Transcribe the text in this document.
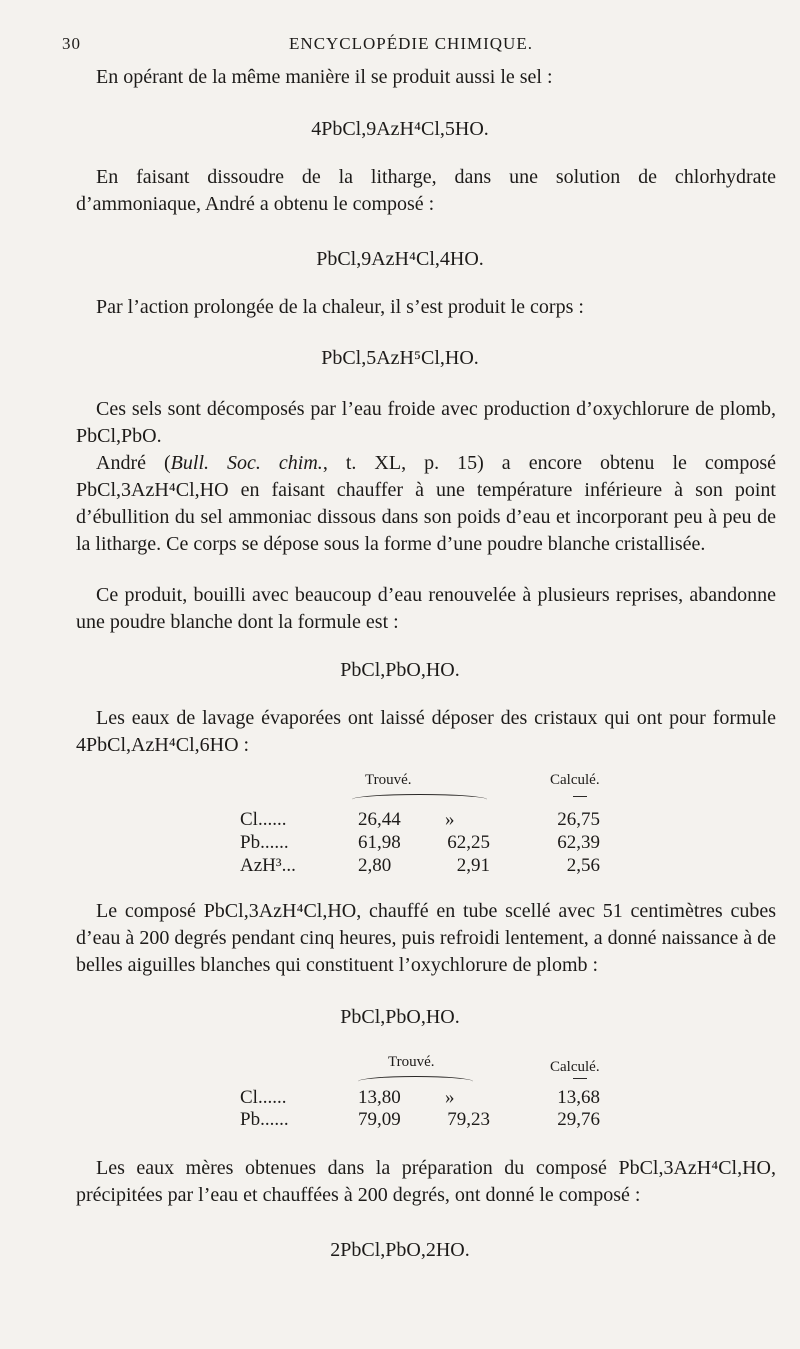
30	ENCYCLOPÉDIE CHIMIQUE.

En opérant de la même manière il se produit aussi le sel :

4PbCl,9AzH⁴Cl,5HO.

En faisant dissoudre de la litharge, dans une solution de chlorhydrate d’ammoniaque, André a obtenu le composé :

PbCl,9AzH⁴Cl,4HO.

Par l’action prolongée de la chaleur, il s’est produit le corps :

PbCl,5AzH⁵Cl,HO.

Ces sels sont décomposés par l’eau froide avec production d’oxychlorure de plomb, PbCl,PbO.

André (Bull. Soc. chim., t. XL, p. 15) a encore obtenu le composé PbCl,3AzH⁴Cl,HO en faisant chauffer à une température inférieure à son point d’ébullition du sel ammoniac dissous dans son poids d’eau et incorporant peu à peu de la litharge. Ce corps se dépose sous la forme d’une poudre blanche cristallisée.

Ce produit, bouilli avec beaucoup d’eau renouvelée à plusieurs reprises, abandonne une poudre blanche dont la formule est :

PbCl,PbO,HO.

Les eaux de lavage évaporées ont laissé déposer des cristaux qui ont pour formule 4PbCl,AzH⁴Cl,6HO :

Trouvé.	Calculé.
Cl......	26,44 »	26,75
Pb......	61,98	62,25	62,39
AzH³...	2,80	2,91	2,56

Le composé PbCl,3AzH⁴Cl,HO, chauffé en tube scellé avec 51 centimètres cubes d’eau à 200 degrés pendant cinq heures, puis refroidi lentement, a donné naissance à de belles aiguilles blanches qui constituent l’oxychlorure de plomb :

PbCl,PbO,HO.

Trouvé.	Calculé.
Cl......	13,80 »	13,68
Pb......	79,09	79,23	29,76

Les eaux mères obtenues dans la préparation du composé PbCl,3AzH⁴Cl,HO, précipitées par l’eau et chauffées à 200 degrés, ont donné le composé :

2PbCl,PbO,2HO.
